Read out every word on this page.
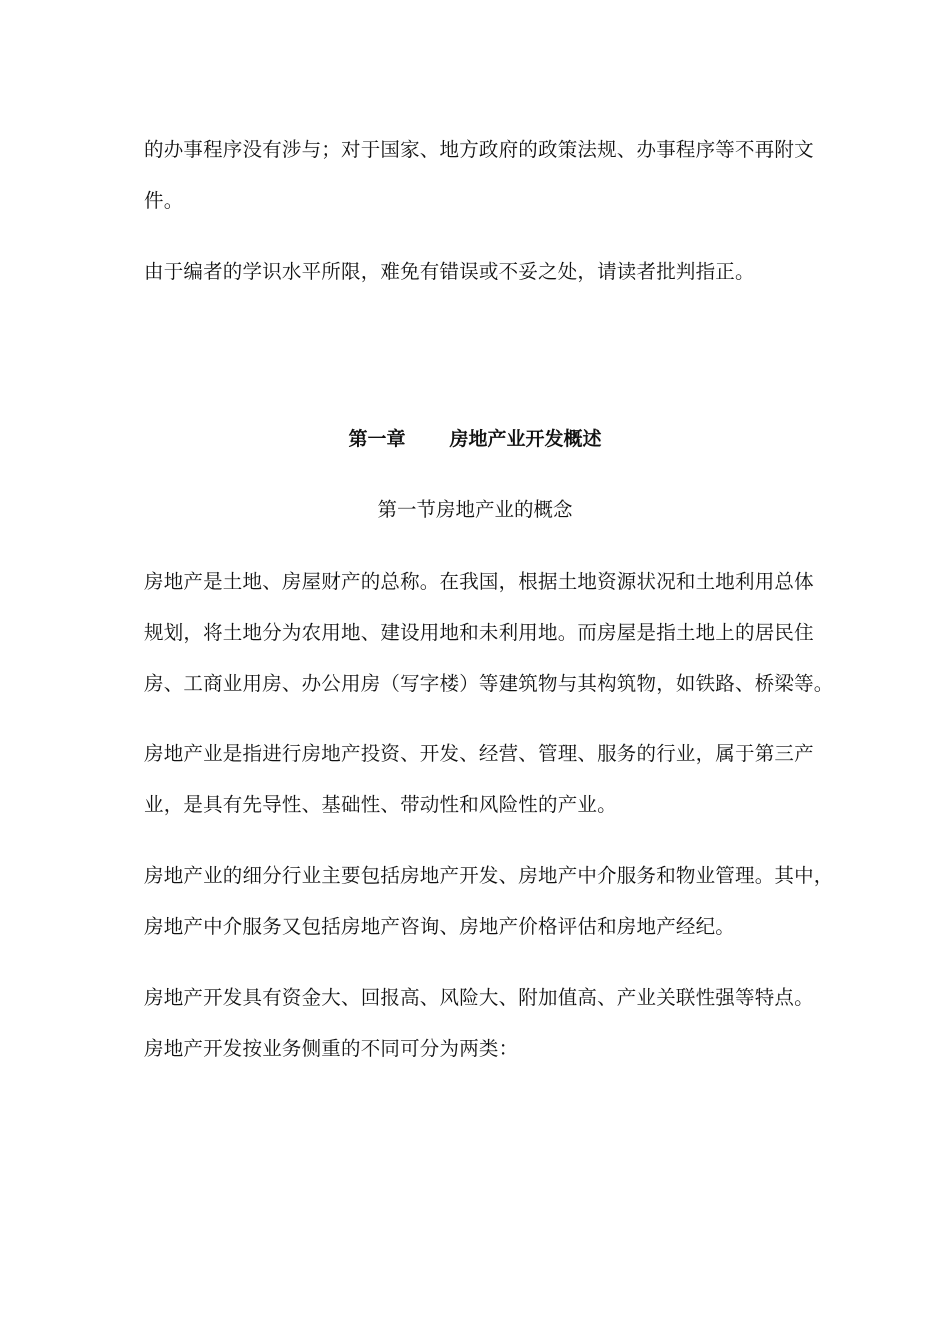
的办事程序没有涉与；对于国家、地方政府的政策法规、办事程序等不再附文
件。
由于编者的学识水平所限，难免有错误或不妥之处，请读者批判指正。
第一章 房地产业开发概述
第一节房地产业的概念
房地产是土地、房屋财产的总称。在我国，根据土地资源状况和土地利用总体
规划，将土地分为农用地、建设用地和未利用地。而房屋是指土地上的居民住
房、工商业用房、办公用房（写字楼）等建筑物与其构筑物，如铁路、桥梁等。
房地产业是指进行房地产投资、开发、经营、管理、服务的行业，属于第三产
业，是具有先导性、基础性、带动性和风险性的产业。
房地产业的细分行业主要包括房地产开发、房地产中介服务和物业管理。其中，
房地产中介服务又包括房地产咨询、房地产价格评估和房地产经纪。
房地产开发具有资金大、回报高、风险大、附加值高、产业关联性强等特点。
房地产开发按业务侧重的不同可分为两类：
